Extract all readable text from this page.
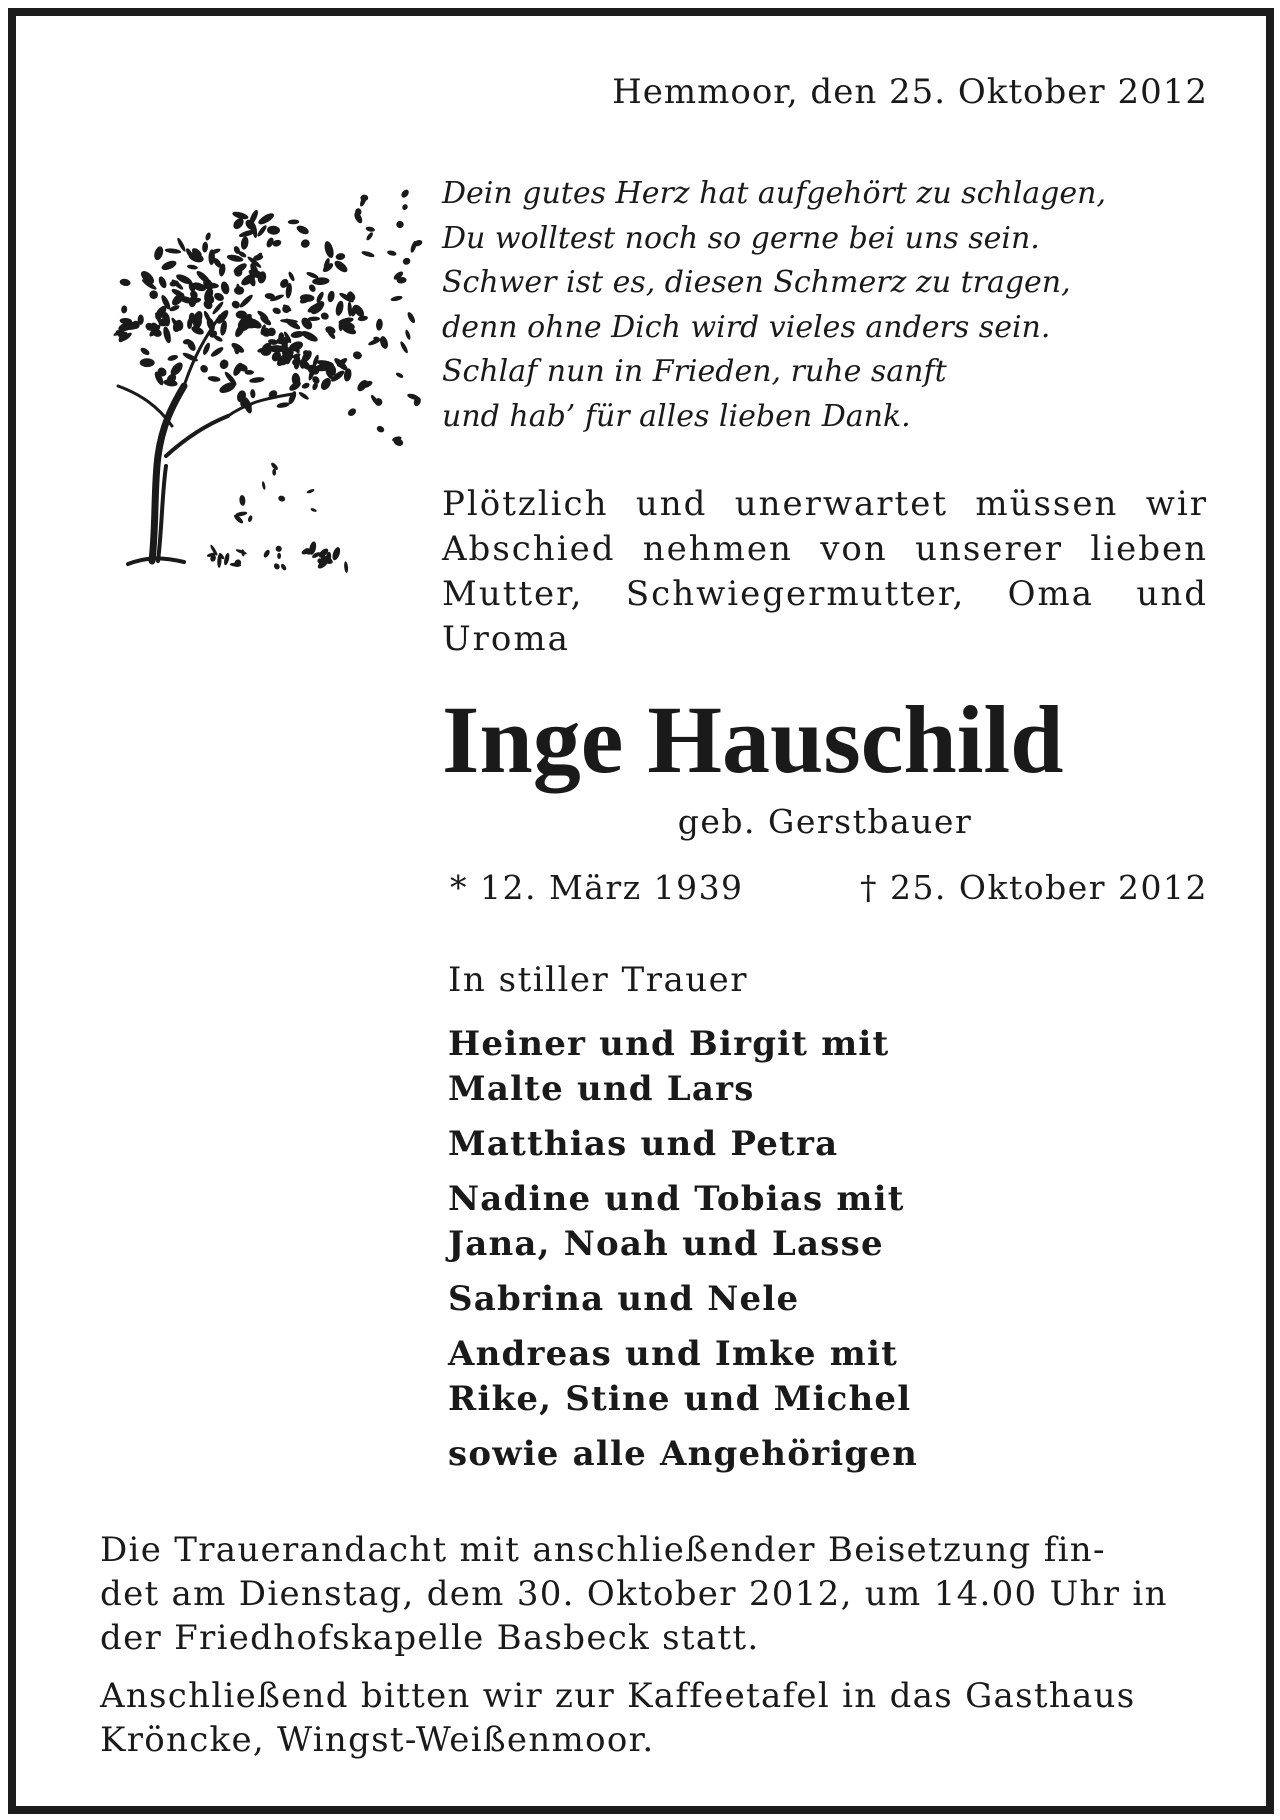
Hemmoor, den 25. Oktober 2012
Dein gutes Herz hat aufgehört zu schlagen,
Du wolltest noch so gerne bei uns sein.
Schwer ist es, diesen Schmerz zu tragen,
denn ohne Dich wird vieles anders sein.
Schlaf nun in Frieden, ruhe sanft
und hab’ für alles lieben Dank.
Plötzlich und unerwartet müssen wir Abschied nehmen von unserer lieben Mutter, Schwiegermutter, Oma und Uroma
Inge Hauschild
geb. Gerstbauer
* 12. März 1939	† 25. Oktober 2012
In stiller Trauer
Heiner und Birgit mit
Malte und Lars
Matthias und Petra
Nadine und Tobias mit
Jana, Noah und Lasse
Sabrina und Nele
Andreas und Imke mit
Rike, Stine und Michel
sowie alle Angehörigen

Die Trauerandacht mit anschließender Beisetzung fin-
det am Dienstag, dem 30. Oktober 2012, um 14.00 Uhr in
der Friedhofskapelle Basbeck statt.

Anschließend bitten wir zur Kaffeetafel in das Gasthaus
Kröncke, Wingst-Weißenmoor.
